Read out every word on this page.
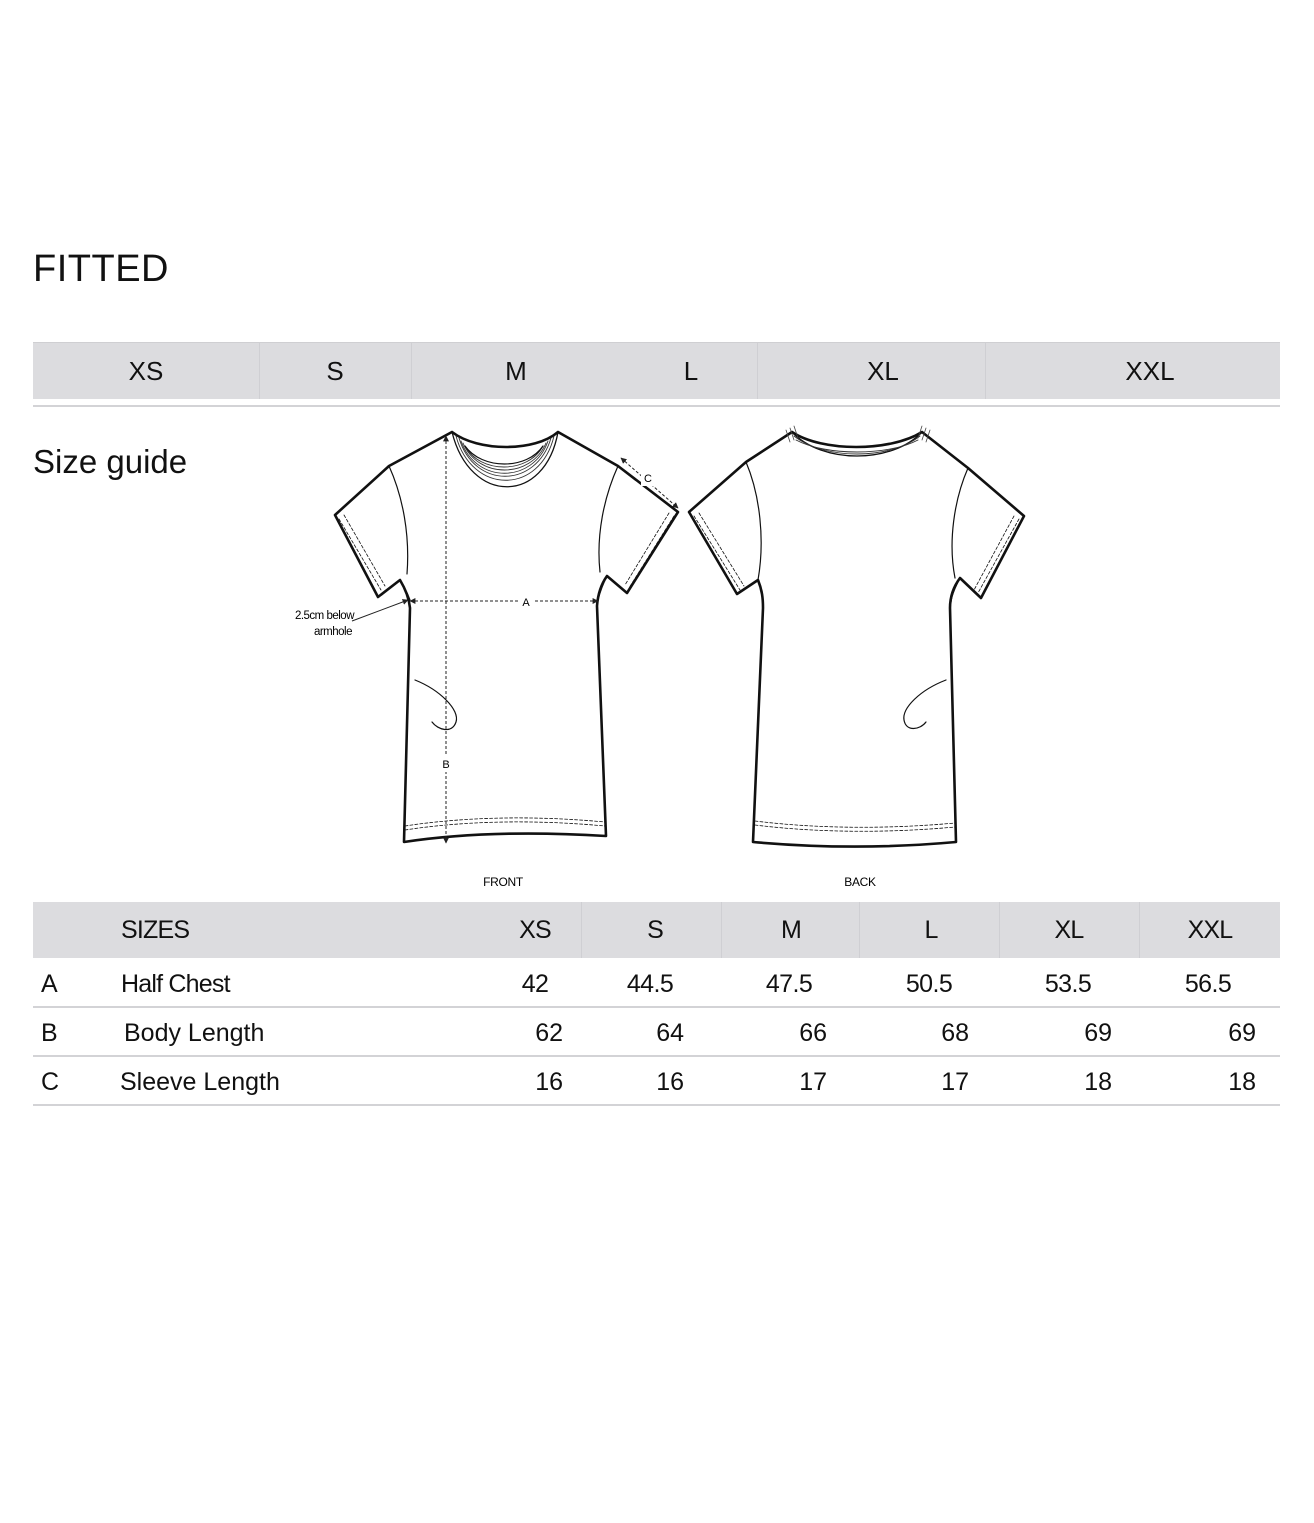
FITTED
XS	S	M	L	XL	XXL
Size guide
A
B
C
2.5cm below
armhole
FRONT	BACK
SIZES	XS	S	M	L	XL	XXL
A	Half Chest	42	44.5	47.5	50.5	53.5	56.5
B	Body Length	62	64	66	68	69	69
C Sleeve Length	16	16	17	17	18	18
